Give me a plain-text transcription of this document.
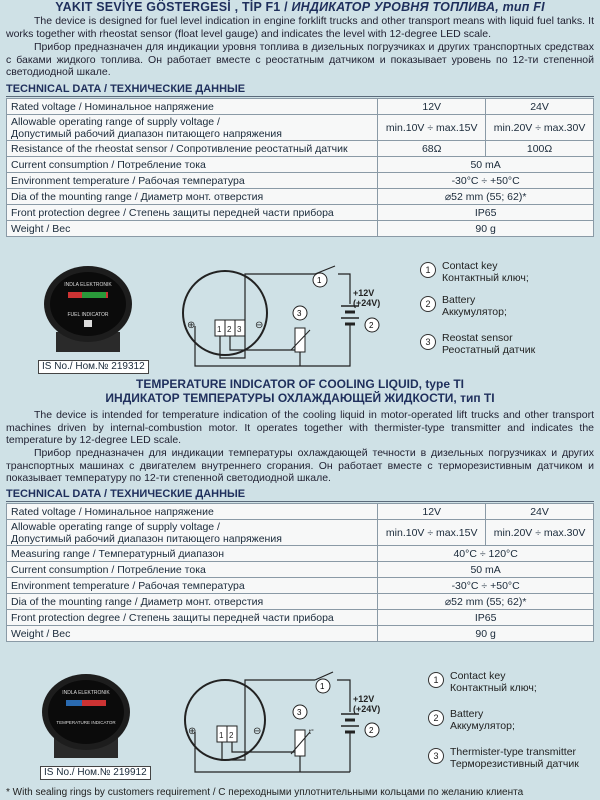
YAKIT SEVİYE GÖSTERGESİ , TİP F1 / ИНДИКАТОР УРОВНЯ ТОПЛИВА, тип FI
The device is designed for fuel level indication in engine forklift trucks and other transport means with liquid fuel tanks. It works together with rheostat sensor (float level gauge) and indicates the level with 12-degree LED scale.
Прибор предназначен для индикации уровня топлива в дизельных погрузчиках и других транспортных средствах с баками жидкого топлива. Он работает вместе с реостатным датчиком и показывает уровень по 12-ти степенной светодиодной шкале.
TECHNICAL DATA / ТЕХНИЧЕСКИЕ ДАННЫЕ
Rated voltage / Номинальное напряжение	12V	24V

Allowable operating range of supply voltage /
Допустимый рабочий диапазон питающего напряжения	min.10V ÷ max.15V	min.20V ÷ max.30V
Resistance of the rheostat sensor / Сопротивление реостатный датчик	68Ω	100Ω
Current consumption / Потребление тока	50 mA	
Environment temperature / Рабочая температура	-30°C ÷ +50°C	
Dia of the mounting range / Диаметр монт. отверстия	⌀52 mm (55; 62)*	
Front protection degree / Степень защиты передней части прибора	IP65	
Weight / Вес	90 g	
INDLA ELEKTRONIK
FUEL INDICATOR
IS No./ Ном.№ 219312
⊕	⊖
1 2 3
1
2
3
+12V
(+24V)
1	Contact key
Контактный ключ;
2	Battery
Аккумулятор;
3	Reostat sensor
Реостатный датчик
TEMPERATURE INDICATOR OF COOLING LIQUID, type TI
ИНДИКАТОР ТЕМПЕРАТУРЫ ОХЛАЖДАЮЩЕЙ ЖИДКОСТИ, тип TI
The device is intended for temperature indication of the cooling liquid in motor-operated lift trucks and other transport machines driven by internal-combustion motor. It operates together with thermister-type transmitter and indicates the temperature by 12-degree LED scale.
Прибор предназначен для индикации температуры охлаждающей течности в дизельных погрузчиках и других транспортных машинах с двигателем внутреннего сгорания. Он работает вместе с терморезистивным датчиком и показывает температуру по 12-ти степенной светодиодной шкале.
TECHNICAL DATA / ТЕХНИЧЕСКИЕ ДАННЫЕ
Rated voltage / Номинальное напряжение	12V	24V

Allowable operating range of supply voltage /
Допустимый рабочий диапазон питающего напряжения	min.10V ÷ max.15V	min.20V ÷ max.30V
Measuring range / Температурный диапазон	40°C ÷ 120°C	
Current consumption / Потребление тока	50 mA	
Environment temperature / Рабочая температура	-30°C ÷ +50°C	
Dia of the mounting range / Диаметр монт. отверстия	⌀52 mm (55; 62)*	
Front protection degree / Степень защиты передней части прибора	IP65	
Weight / Вес	90 g	
INDLA ELEKTRONIK
TEMPERATURE INDICATOR
IS No./ Ном.№ 219912
⊕	⊖
1 2	t°
1
2
3
+12V
(+24V)
1	Contact key
Контактный ключ;
2	Battery
Аккумулятор;
3	Thermister-type transmitter
Терморезистивный датчик
* With sealing rings by customers requirement / С переходными уплотнительными кольцами по желанию клиента
